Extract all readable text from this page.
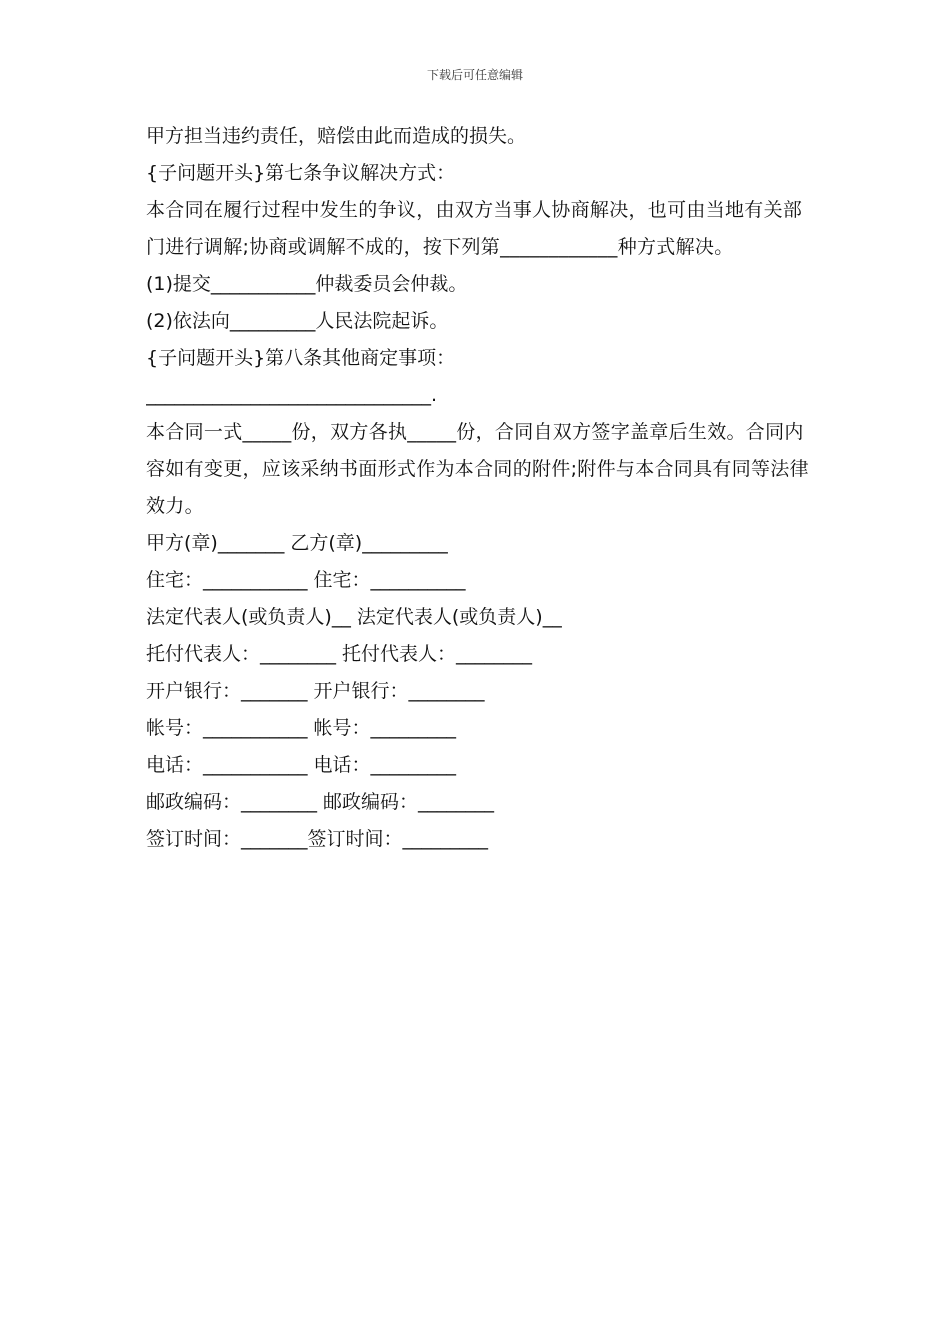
下载后可任意编辑
甲方担当违约责任，赔偿由此而造成的损失。
{子问题开头}第七条争议解决方式：
本合同在履行过程中发生的争议，由双方当事人协商解决，也可由当地有关部门进行调解;协商或调解不成的，按下列第____________种方式解决。
(1)提交___________仲裁委员会仲裁。
(2)依法向_________人民法院起诉。
{子问题开头}第八条其他商定事项：
______________________________.
本合同一式_____份，双方各执_____份，合同自双方签字盖章后生效。合同内容如有变更，应该采纳书面形式作为本合同的附件;附件与本合同具有同等法律效力。
甲方(章)_______ 乙方(章)_________
住宅：___________ 住宅：__________
法定代表人(或负责人)__ 法定代表人(或负责人)__
托付代表人：________ 托付代表人：________
开户银行：_______ 开户银行：________
帐号：___________ 帐号：_________
电话：___________ 电话：_________
邮政编码：________ 邮政编码：________
签订时间：_______签订时间：_________
